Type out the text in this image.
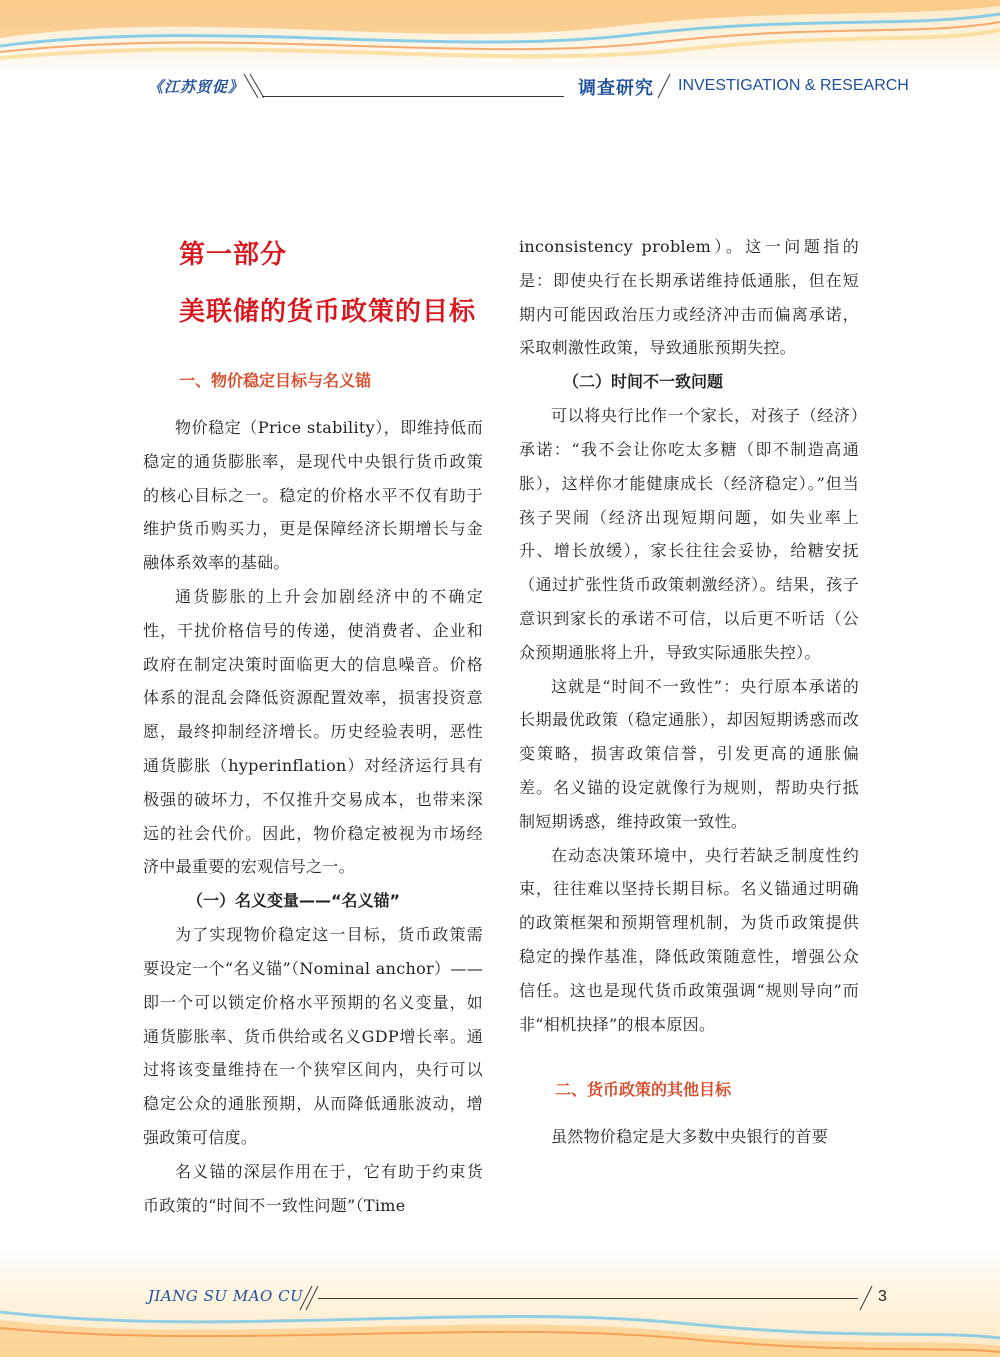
《江苏贸促》	调查研究 INVESTIGATION & RESEARCH
第一部分
美联储的货币政策的目标
一、物价稳定目标与名义锚

物价稳定（Price stability），即维持低而稳定的通货膨胀率，是现代中央银行货币政策的核心目标之一。稳定的价格水平不仅有助于维护货币购买力，更是保障经济长期增长与金融体系效率的基础。

通货膨胀的上升会加剧经济中的不确定性，干扰价格信号的传递，使消费者、企业和政府在制定决策时面临更大的信息噪音。价格体系的混乱会降低资源配置效率，损害投资意愿，最终抑制经济增长。历史经验表明，恶性通货膨胀（hyperinflation）对经济运行具有极强的破坏力，不仅推升交易成本，也带来深远的社会代价。因此，物价稳定被视为市场经济中最重要的宏观信号之一。

（一）名义变量——“名义锚”

为了实现物价稳定这一目标，货币政策需要设定一个“名义锚”（Nominal anchor）——即一个可以锁定价格水平预期的名义变量，如通货膨胀率、货币供给或名义GDP增长率。通过将该变量维持在一个狭窄区间内，央行可以稳定公众的通胀预期，从而降低通胀波动，增强政策可信度。

名义锚的深层作用在于，它有助于约束货币政策的“时间不一致性问题”（Time

inconsistency problem）。这一问题指的是：即使央行在长期承诺维持低通胀，但在短期内可能因政治压力或经济冲击而偏离承诺，采取刺激性政策，导致通胀预期失控。

（二）时间不一致问题

可以将央行比作一个家长，对孩子（经济）承诺：“我不会让你吃太多糖（即不制造高通胀），这样你才能健康成长（经济稳定）。”但当孩子哭闹（经济出现短期问题，如失业率上升、增长放缓），家长往往会妥协，给糖安抚（通过扩张性货币政策刺激经济）。结果，孩子意识到家长的承诺不可信，以后更不听话（公众预期通胀将上升，导致实际通胀失控）。

这就是“时间不一致性”：央行原本承诺的长期最优政策（稳定通胀），却因短期诱惑而改变策略，损害政策信誉，引发更高的通胀偏差。名义锚的设定就像行为规则，帮助央行抵制短期诱惑，维持政策一致性。

在动态决策环境中，央行若缺乏制度性约束，往往难以坚持长期目标。名义锚通过明确的政策框架和预期管理机制，为货币政策提供稳定的操作基准，降低政策随意性，增强公众信任。这也是现代货币政策强调“规则导向”而非“相机抉择”的根本原因。

二、货币政策的其他目标

虽然物价稳定是大多数中央银行的首要

JIANG SU MAO CU	3
